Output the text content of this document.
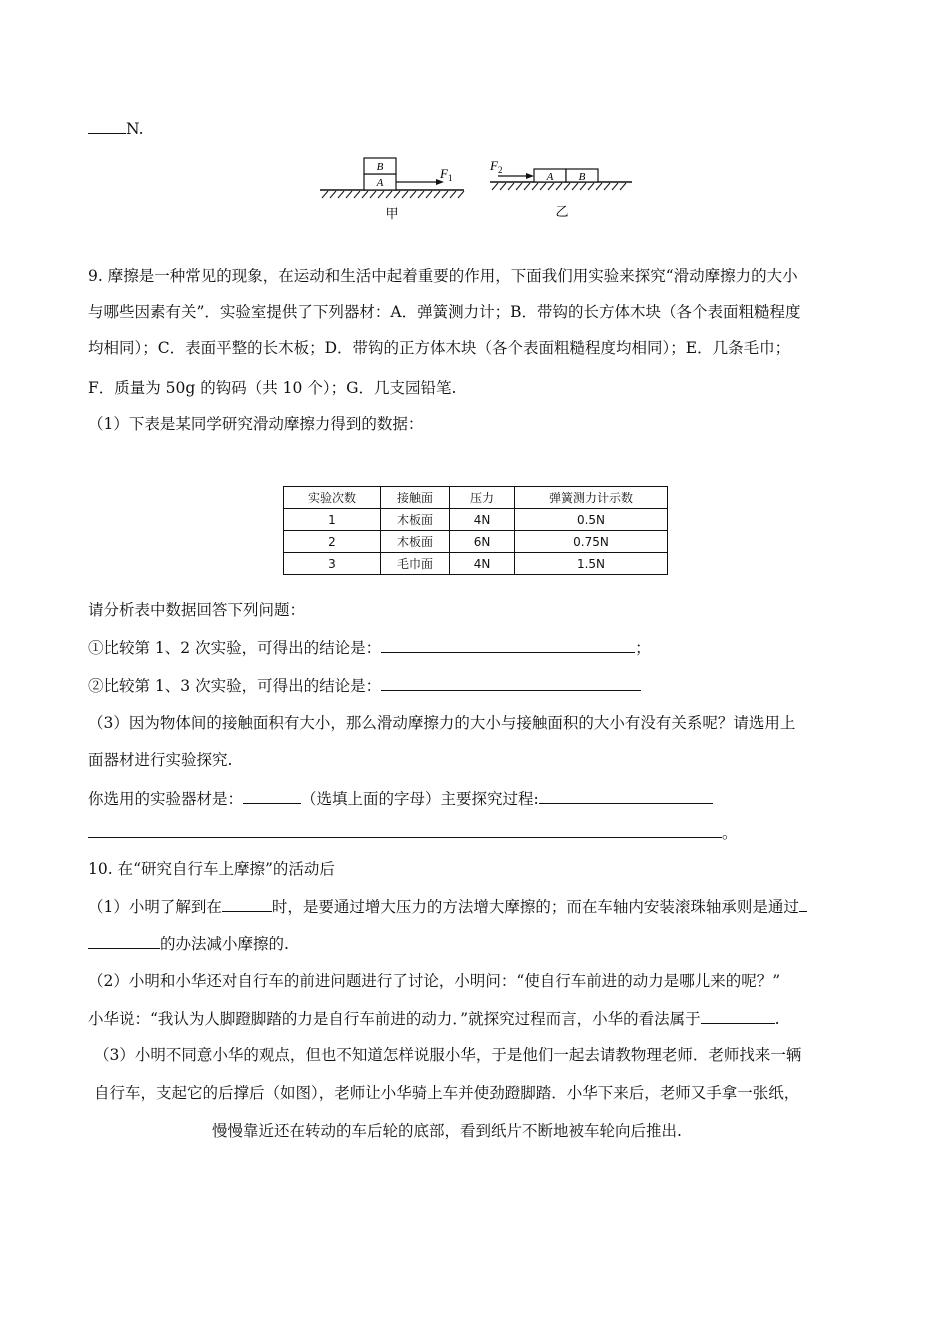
N.
B
A
$F_1$
甲
A B
$F_2$
乙
9. 摩擦是一种常见的现象，在运动和生活中起着重要的作用，下面我们用实验来探究“滑动摩擦力的大小
与哪些因素有关”．实验室提供了下列器材：A．弹簧测力计；B．带钩的长方体木块（各个表面粗糙程度
均相同）；C．表面平整的长木板；D．带钩的正方体木块（各个表面粗糙程度均相同）；E．几条毛巾；
F．质量为 50g 的钩码（共 10 个）；G．几支园铅笔.
（1）下表是某同学研究滑动摩擦力得到的数据：
实验次数	接触面	压力	弹簧测力计示数
1	木板面	4N	0.5N
2	木板面	6N	0.75N
3	毛巾面	4N	1.5N
请分析表中数据回答下列问题：
①比较第 1、2 次实验，可得出的结论是：	；
②比较第 1、3 次实验，可得出的结论是：
（3）因为物体间的接触面积有大小，那么滑动摩擦力的大小与接触面积的大小有没有关系呢？请选用上
面器材进行实验探究.
你选用的实验器材是：	（选填上面的字母）主要探究过程:
。
10. 在“研究自行车上摩擦”的活动后
（1）小明了解到在	时，是要通过增大压力的方法增大摩擦的；而在车轴内安装滚珠轴承则是通过
的办法减小摩擦的.
（2）小明和小华还对自行车的前进问题进行了讨论，小明问：“使自行车前进的动力是哪儿来的呢？”
小华说：“我认为人脚蹬脚踏的力是自行车前进的动力．”就探究过程而言，小华的看法属于	.
（3）小明不同意小华的观点，但也不知道怎样说服小华，于是他们一起去请教物理老师．老师找来一辆
自行车，支起它的后撑后（如图），老师让小华骑上车并使劲蹬脚踏．小华下来后，老师又手拿一张纸，
慢慢靠近还在转动的车后轮的底部，看到纸片不断地被车轮向后推出.
